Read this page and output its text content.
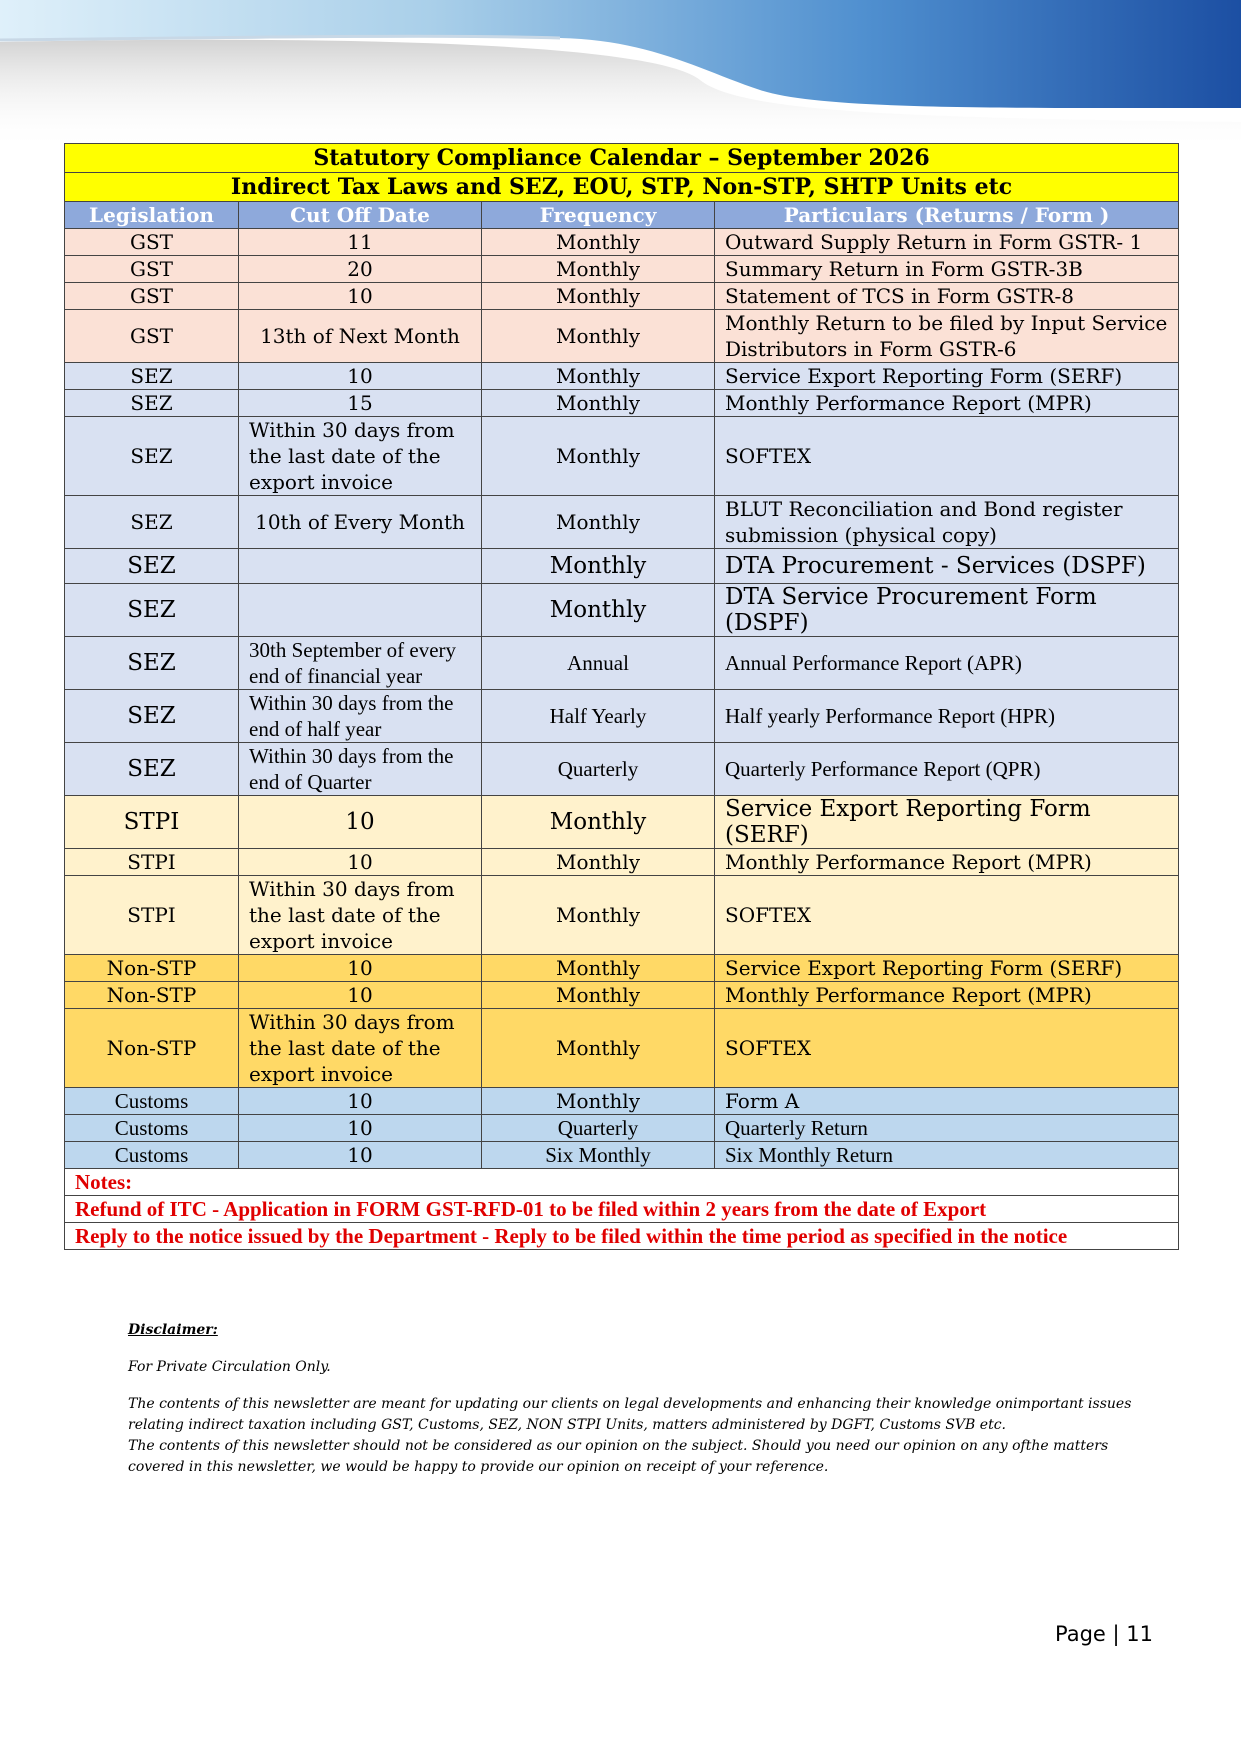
Statutory Compliance Calendar – September 2026			
Indirect Tax Laws and SEZ, EOU, STP, Non-STP, SHTP Units etc			
Legislation	Cut Off Date	Frequency	Particulars (Returns / Form )
GST	11	Monthly	Outward Supply Return in Form GSTR- 1
GST	20	Monthly	Summary Return in Form GSTR-3B
GST	10	Monthly	Statement of TCS in Form GSTR-8
GST	13th of Next Month	Monthly	Monthly Return to be filed by Input Service Distributors in Form GSTR-6
SEZ	10	Monthly	Service Export Reporting Form (SERF)
SEZ	15	Monthly	Monthly Performance Report (MPR)
SEZ	Within 30 days from the last date of the export invoice	Monthly	SOFTEX
SEZ	10th of Every Month	Monthly	BLUT Reconciliation and Bond register submission (physical copy)
SEZ		Monthly	DTA Procurement - Services (DSPF)
SEZ		Monthly	DTA Service Procurement Form (DSPF)
SEZ	30th September of every end of financial year	Annual	Annual Performance Report (APR)
SEZ	Within 30 days from the end of half year	Half Yearly	Half yearly Performance Report (HPR)
SEZ	Within 30 days from the end of Quarter	Quarterly	Quarterly Performance Report (QPR)
STPI	10	Monthly	Service Export Reporting Form (SERF)
STPI	10	Monthly	Monthly Performance Report (MPR)
STPI	Within 30 days from the last date of the export invoice	Monthly	SOFTEX
Non-STP	10	Monthly	Service Export Reporting Form (SERF)
Non-STP	10	Monthly	Monthly Performance Report (MPR)
Non-STP	Within 30 days from the last date of the export invoice	Monthly	SOFTEX
Customs	10	Monthly	Form A
Customs	10	Quarterly	Quarterly Return
Customs	10	Six Monthly	Six Monthly Return
Notes:			
Refund of ITC - Application in FORM GST-RFD-01 to be filed within 2 years from the date of Export			
Reply to the notice issued by the Department - Reply to be filed within the time period as specified in the notice			
Disclaimer:

For Private Circulation Only.

The contents of this newsletter are meant for updating our clients on legal developments and enhancing their knowledge onimportant issues relating indirect taxation including GST, Customs, SEZ, NON STPI Units, matters administered by DGFT, Customs SVB etc.

The contents of this newsletter should not be considered as our opinion on the subject. Should you need our opinion on any ofthe matters covered in this newsletter, we would be happy to provide our opinion on receipt of your reference.

Page | 11
